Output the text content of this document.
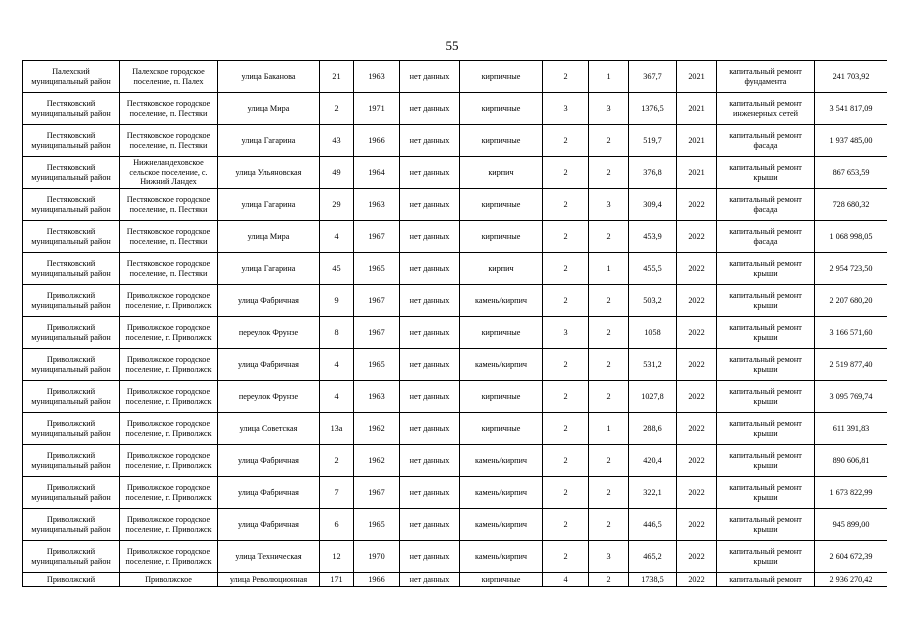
55
Палехский муниципальный район	Палехское городское поселение, п. Палех	улица Баканова	21	1963	нет данных	кирпичные	2	1	367,7	2021	капитальный ремонт фундамента	241 703,92
Пестяковский муниципальный район	Пестяковское городское поселение, п. Пестяки	улица Мира	2	1971	нет данных	кирпичные	3	3	1376,5	2021	капитальный ремонт инженерных сетей	3 541 817,09
Пестяковский муниципальный район	Пестяковское городское поселение, п. Пестяки	улица Гагарина	43	1966	нет данных	кирпичные	2	2	519,7	2021	капитальный ремонт фасада	1 937 485,00
Пестяковский муниципальный район	Нижнеландеховское сельское поселение, с. Нижний Ландех	улица Ульяновская	49	1964	нет данных	кирпич	2	2	376,8	2021	капитальный ремонт крыши	867 653,59
Пестяковский муниципальный район	Пестяковское городское поселение, п. Пестяки	улица Гагарина	29	1963	нет данных	кирпичные	2	3	309,4	2022	капитальный ремонт фасада	728 680,32
Пестяковский муниципальный район	Пестяковское городское поселение, п. Пестяки	улица Мира	4	1967	нет данных	кирпичные	2	2	453,9	2022	капитальный ремонт фасада	1 068 998,05
Пестяковский муниципальный район	Пестяковское городское поселение, п. Пестяки	улица Гагарина	45	1965	нет данных	кирпич	2	1	455,5	2022	капитальный ремонт крыши	2 954 723,50
Приволжский муниципальный район	Приволжское городское поселение, г. Приволжск	улица Фабричная	9	1967	нет данных	камень/кирпич	2	2	503,2	2022	капитальный ремонт крыши	2 207 680,20
Приволжский муниципальный район	Приволжское городское поселение, г. Приволжск	переулок Фрунзе	8	1967	нет данных	кирпичные	3	2	1058	2022	капитальный ремонт крыши	3 166 571,60
Приволжский муниципальный район	Приволжское городское поселение, г. Приволжск	улица Фабричная	4	1965	нет данных	камень/кирпич	2	2	531,2	2022	капитальный ремонт крыши	2 519 877,40
Приволжский муниципальный район	Приволжское городское поселение, г. Приволжск	переулок Фрунзе	4	1963	нет данных	кирпичные	2	2	1027,8	2022	капитальный ремонт крыши	3 095 769,74
Приволжский муниципальный район	Приволжское городское поселение, г. Приволжск	улица Советская	13а	1962	нет данных	кирпичные	2	1	288,6	2022	капитальный ремонт крыши	611 391,83
Приволжский муниципальный район	Приволжское городское поселение, г. Приволжск	улица Фабричная	2	1962	нет данных	камень/кирпич	2	2	420,4	2022	капитальный ремонт крыши	890 606,81
Приволжский муниципальный район	Приволжское городское поселение, г. Приволжск	улица Фабричная	7	1967	нет данных	камень/кирпич	2	2	322,1	2022	капитальный ремонт крыши	1 673 822,99
Приволжский муниципальный район	Приволжское городское поселение, г. Приволжск	улица Фабричная	6	1965	нет данных	камень/кирпич	2	2	446,5	2022	капитальный ремонт крыши	945 899,00
Приволжский муниципальный район	Приволжское городское поселение, г. Приволжск	улица Техническая	12	1970	нет данных	камень/кирпич	2	3	465,2	2022	капитальный ремонт крыши	2 604 672,39
Приволжский	Приволжское	улица Революционная	171	1966	нет данных	кирпичные	4	2	1738,5	2022	капитальный ремонт	2 936 270,42
